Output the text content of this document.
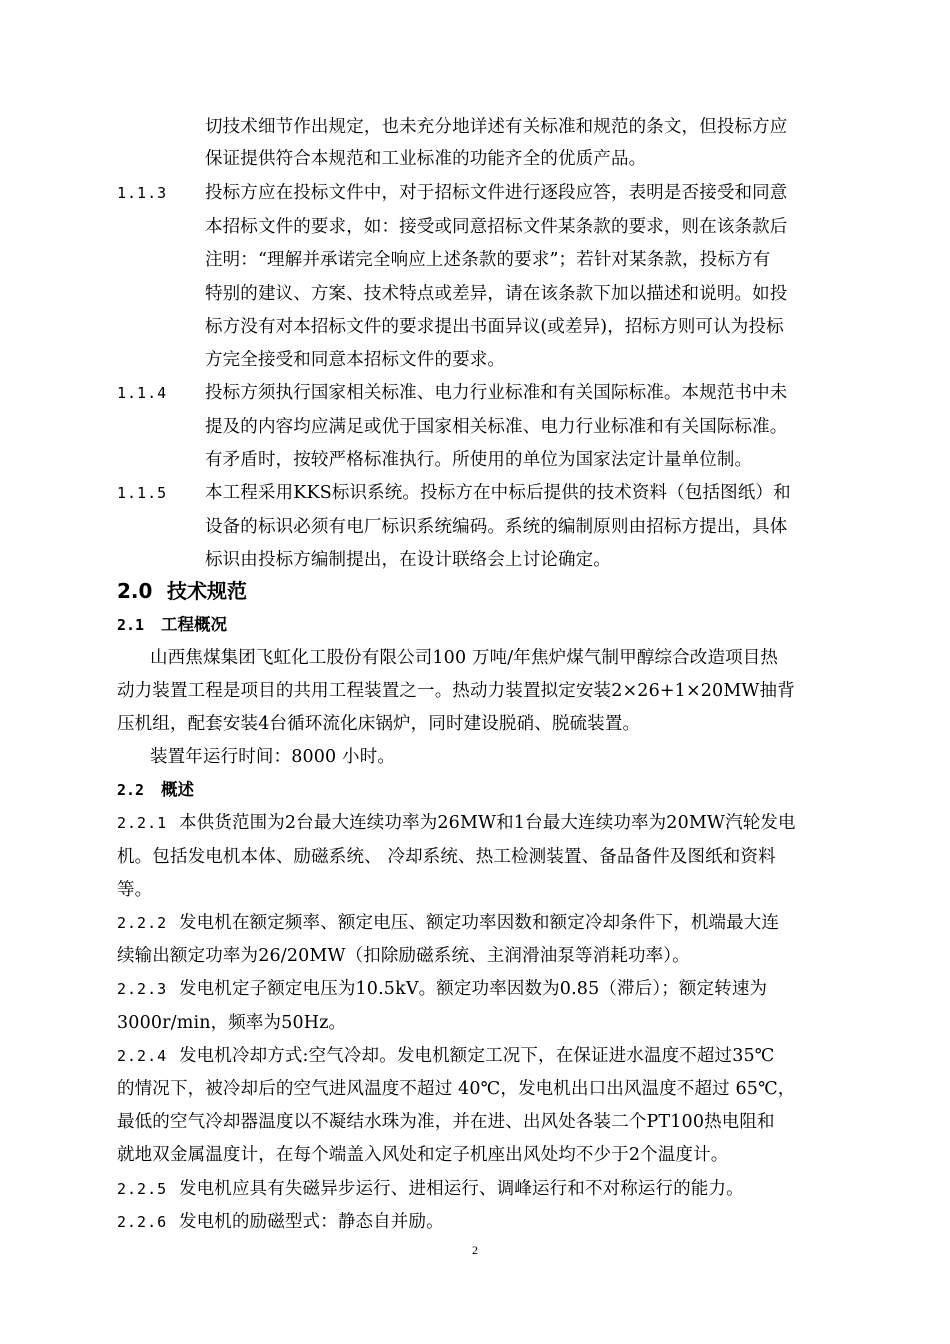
切技术细节作出规定，也未充分地详述有关标准和规范的条文，但投标方应
保证提供符合本规范和工业标准的功能齐全的优质产品。
1.1.3 投标方应在投标文件中，对于招标文件进行逐段应答，表明是否接受和同意
本招标文件的要求，如：接受或同意招标文件某条款的要求，则在该条款后
注明：“理解并承诺完全响应上述条款的要求”；若针对某条款，投标方有
特别的建议、方案、技术特点或差异，请在该条款下加以描述和说明。如投
标方没有对本招标文件的要求提出书面异议(或差异)，招标方则可认为投标
方完全接受和同意本招标文件的要求。
1.1.4 投标方须执行国家相关标准、电力行业标准和有关国际标准。本规范书中未
提及的内容均应满足或优于国家相关标准、电力行业标准和有关国际标准。
有矛盾时，按较严格标准执行。所使用的单位为国家法定计量单位制。
1.1.5 本工程采用KKS标识系统。投标方在中标后提供的技术资料（包括图纸）和
设备的标识必须有电厂标识系统编码。系统的编制原则由招标方提出，具体
标识由投标方编制提出，在设计联络会上讨论确定。
2.0 技术规范
2.1 工程概况
山西焦煤集团飞虹化工股份有限公司100 万吨/年焦炉煤气制甲醇综合改造项目热
动力装置工程是项目的共用工程装置之一。热动力装置拟定安装2×26+1×20MW抽背
压机组，配套安装4台循环流化床锅炉，同时建设脱硝、脱硫装置。
装置年运行时间：8000 小时。
2.2 概述
2.2.1 本供货范围为2台最大连续功率为26MW和1台最大连续功率为20MW汽轮发电
机。包括发电机本体、励磁系统、 冷却系统、热工检测装置、备品备件及图纸和资料
等。
2.2.2 发电机在额定频率、额定电压、额定功率因数和额定冷却条件下，机端最大连
续输出额定功率为26/20MW（扣除励磁系统、主润滑油泵等消耗功率）。
2.2.3 发电机定子额定电压为10.5kV。额定功率因数为0.85（滞后）；额定转速为
3000r/min，频率为50Hz。
2.2.4 发电机冷却方式:空气冷却。发电机额定工况下，在保证进水温度不超过35℃
的情况下，被冷却后的空气进风温度不超过 40℃，发电机出口出风温度不超过 65℃，
最低的空气冷却器温度以不凝结水珠为准，并在进、出风处各装二个PT100热电阻和
就地双金属温度计，在每个端盖入风处和定子机座出风处均不少于2个温度计。
2.2.5 发电机应具有失磁异步运行、进相运行、调峰运行和不对称运行的能力。
2.2.6 发电机的励磁型式：静态自并励。
2
